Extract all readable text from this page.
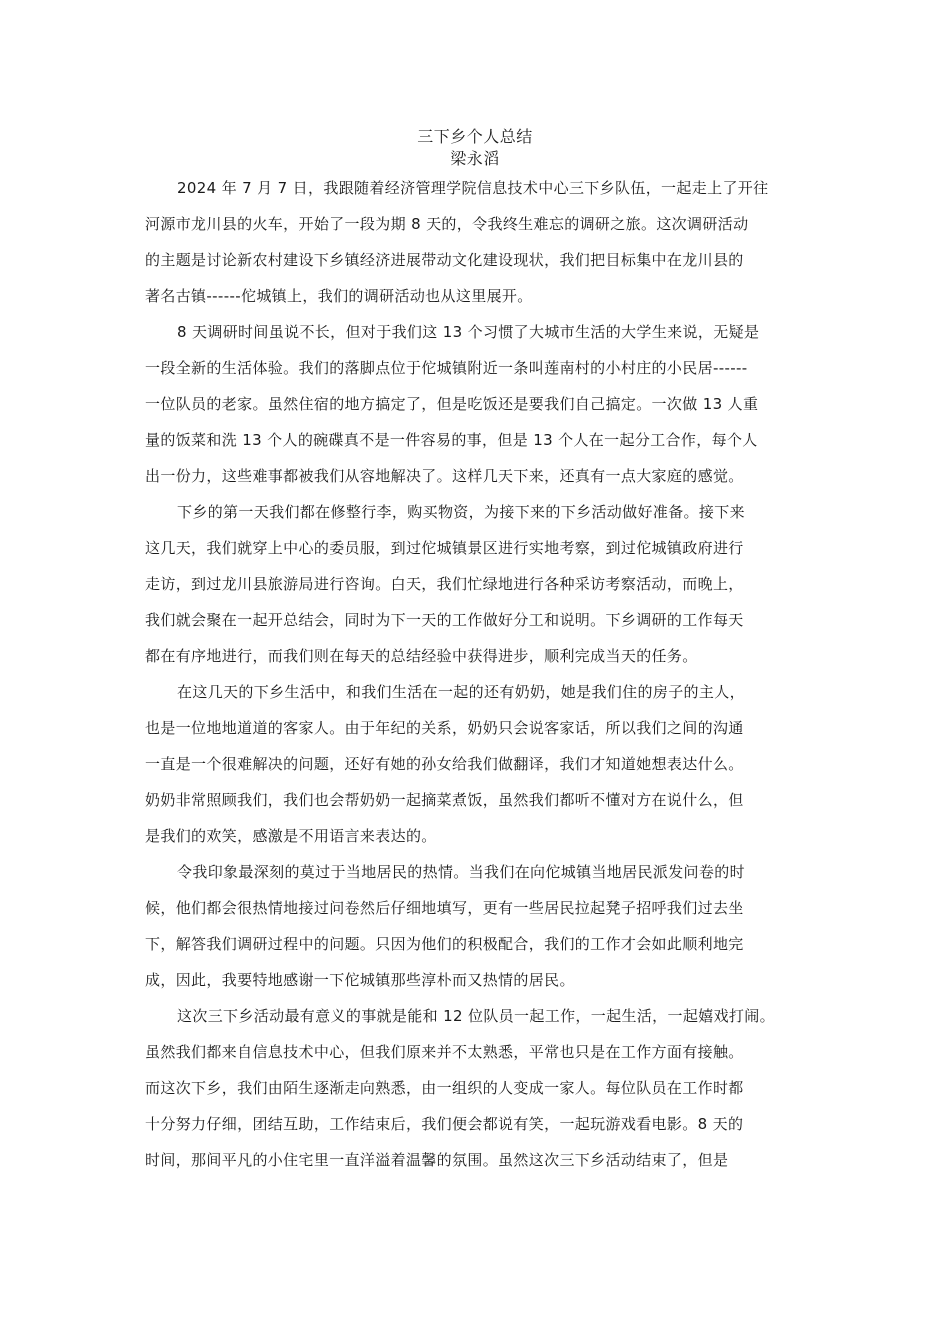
三下乡个人总结
梁永滔
2024 年 7 月 7 日，我跟随着经济管理学院信息技术中心三下乡队伍，一起走上了开往
河源市龙川县的火车，开始了一段为期 8 天的，令我终生难忘的调研之旅。这次调研活动
的主题是讨论新农村建设下乡镇经济进展带动文化建设现状，我们把目标集中在龙川县的
著名古镇------佗城镇上，我们的调研活动也从这里展开。
8 天调研时间虽说不长，但对于我们这 13 个习惯了大城市生活的大学生来说，无疑是
一段全新的生活体验。我们的落脚点位于佗城镇附近一条叫莲南村的小村庄的小民居------
一位队员的老家。虽然住宿的地方搞定了，但是吃饭还是要我们自己搞定。一次做 13 人重
量的饭菜和洗 13 个人的碗碟真不是一件容易的事，但是 13 个人在一起分工合作，每个人
出一份力，这些难事都被我们从容地解决了。这样几天下来，还真有一点大家庭的感觉。
下乡的第一天我们都在修整行李，购买物资，为接下来的下乡活动做好准备。接下来
这几天，我们就穿上中心的委员服，到过佗城镇景区进行实地考察，到过佗城镇政府进行
走访，到过龙川县旅游局进行咨询。白天，我们忙绿地进行各种采访考察活动，而晚上，
我们就会聚在一起开总结会，同时为下一天的工作做好分工和说明。下乡调研的工作每天
都在有序地进行，而我们则在每天的总结经验中获得进步，顺利完成当天的任务。
在这几天的下乡生活中，和我们生活在一起的还有奶奶，她是我们住的房子的主人，
也是一位地地道道的客家人。由于年纪的关系，奶奶只会说客家话，所以我们之间的沟通
一直是一个很难解决的问题，还好有她的孙女给我们做翻译，我们才知道她想表达什么。
奶奶非常照顾我们，我们也会帮奶奶一起摘菜煮饭，虽然我们都听不懂对方在说什么，但
是我们的欢笑，感激是不用语言来表达的。
令我印象最深刻的莫过于当地居民的热情。当我们在向佗城镇当地居民派发问卷的时
候，他们都会很热情地接过问卷然后仔细地填写，更有一些居民拉起凳子招呼我们过去坐
下，解答我们调研过程中的问题。只因为他们的积极配合，我们的工作才会如此顺利地完
成，因此，我要特地感谢一下佗城镇那些淳朴而又热情的居民。
这次三下乡活动最有意义的事就是能和 12 位队员一起工作，一起生活，一起嬉戏打闹。
虽然我们都来自信息技术中心，但我们原来并不太熟悉，平常也只是在工作方面有接触。
而这次下乡，我们由陌生逐渐走向熟悉，由一组织的人变成一家人。每位队员在工作时都
十分努力仔细，团结互助，工作结束后，我们便会都说有笑，一起玩游戏看电影。8 天的
时间，那间平凡的小住宅里一直洋溢着温馨的氛围。虽然这次三下乡活动结束了，但是
